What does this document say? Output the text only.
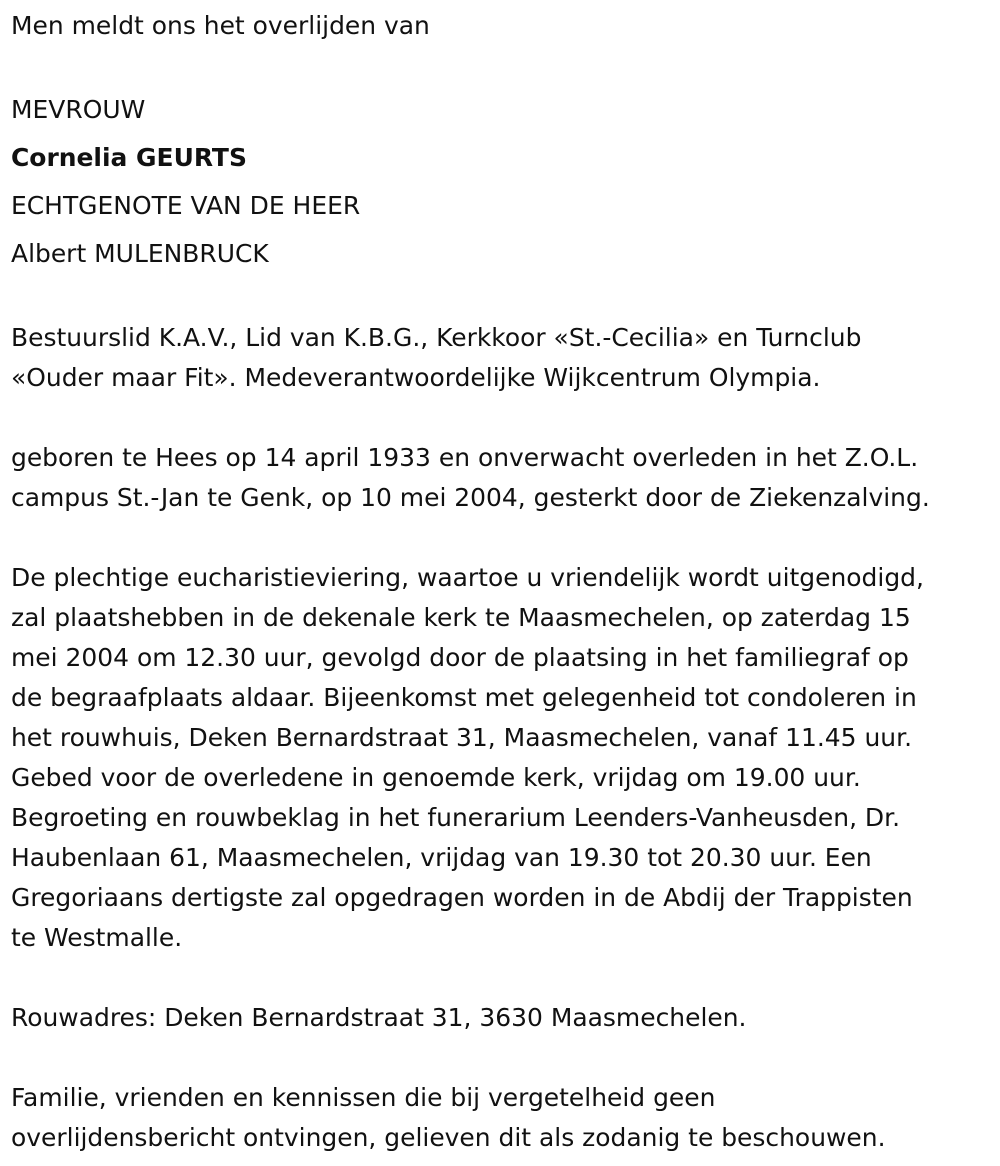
Men meldt ons het overlijden van
MEVROUW
Cornelia GEURTS
ECHTGENOTE VAN DE HEER
Albert MULENBRUCK
Bestuurslid K.A.V., Lid van K.B.G., Kerkkoor «St.-Cecilia» en Turnclub
«Ouder maar Fit». Medeverantwoordelijke Wijkcentrum Olympia.
geboren te Hees op 14 april 1933 en onverwacht overleden in het Z.O.L.
campus St.-Jan te Genk, op 10 mei 2004, gesterkt door de Ziekenzalving.
De plechtige eucharistieviering, waartoe u vriendelijk wordt uitgenodigd,
zal plaatshebben in de dekenale kerk te Maasmechelen, op zaterdag 15
mei 2004 om 12.30 uur, gevolgd door de plaatsing in het familiegraf op
de begraafplaats aldaar. Bijeenkomst met gelegenheid tot condoleren in
het rouwhuis, Deken Bernardstraat 31, Maasmechelen, vanaf 11.45 uur.
Gebed voor de overledene in genoemde kerk, vrijdag om 19.00 uur.
Begroeting en rouwbeklag in het funerarium Leenders-Vanheusden, Dr.
Haubenlaan 61, Maasmechelen, vrijdag van 19.30 tot 20.30 uur. Een
Gregoriaans dertigste zal opgedragen worden in de Abdij der Trappisten
te Westmalle.
Rouwadres: Deken Bernardstraat 31, 3630 Maasmechelen.
Familie, vrienden en kennissen die bij vergetelheid geen
overlijdensbericht ontvingen, gelieven dit als zodanig te beschouwen.
